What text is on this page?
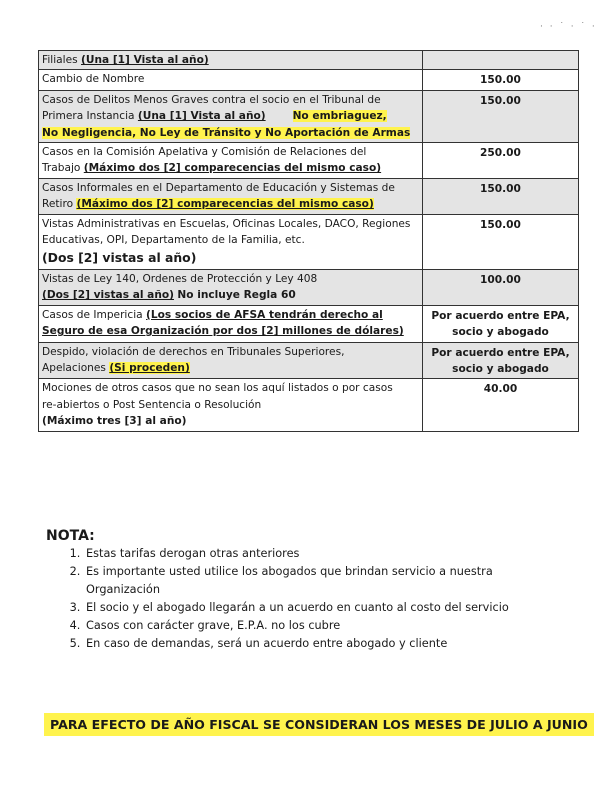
· · ˙ · ˙ ·
Filiales (Una [1] Vista al año)	
Cambio de Nombre	150.00
Casos de Delitos Menos Graves contra el socio en el Tribunal de
Primera Instancia (Una [1] Vista al año) No embriaguez,
No Negligencia, No Ley de Tránsito y No Aportación de Armas	150.00
Casos en la Comisión Apelativa y Comisión de Relaciones del
Trabajo (Máximo dos [2] comparecencias del mismo caso)	250.00
Casos Informales en el Departamento de Educación y Sistemas de
Retiro (Máximo dos [2] comparecencias del mismo caso)	150.00
Vistas Administrativas en Escuelas, Oficinas Locales, DACO, Regiones
Educativas, OPI, Departamento de la Familia, etc.
(Dos [2] vistas al año)	150.00
Vistas de Ley 140, Ordenes de Protección y Ley 408
(Dos [2] vistas al año) No incluye Regla 60	100.00
Casos de Impericia (Los socios de AFSA tendrán derecho al
Seguro de esa Organización por dos [2] millones de dólares)	Por acuerdo entre EPA,
socio y abogado
Despido, violación de derechos en Tribunales Superiores,
Apelaciones (Si proceden)	Por acuerdo entre EPA,
socio y abogado
Mociones de otros casos que no sean los aquí listados o por casos
re-abiertos o Post Sentencia o Resolución
(Máximo tres [3] al año)	40.00
NOTA:
1. Estas tarifas derogan otras anteriores
2. Es importante usted utilice los abogados que brindan servicio a nuestra Organización
3. El socio y el abogado llegarán a un acuerdo en cuanto al costo del servicio
4. Casos con carácter grave, E.P.A. no los cubre
5. En caso de demandas, será un acuerdo entre abogado y cliente
PARA EFECTO DE AÑO FISCAL SE CONSIDERAN LOS MESES DE JULIO A JUNIO
